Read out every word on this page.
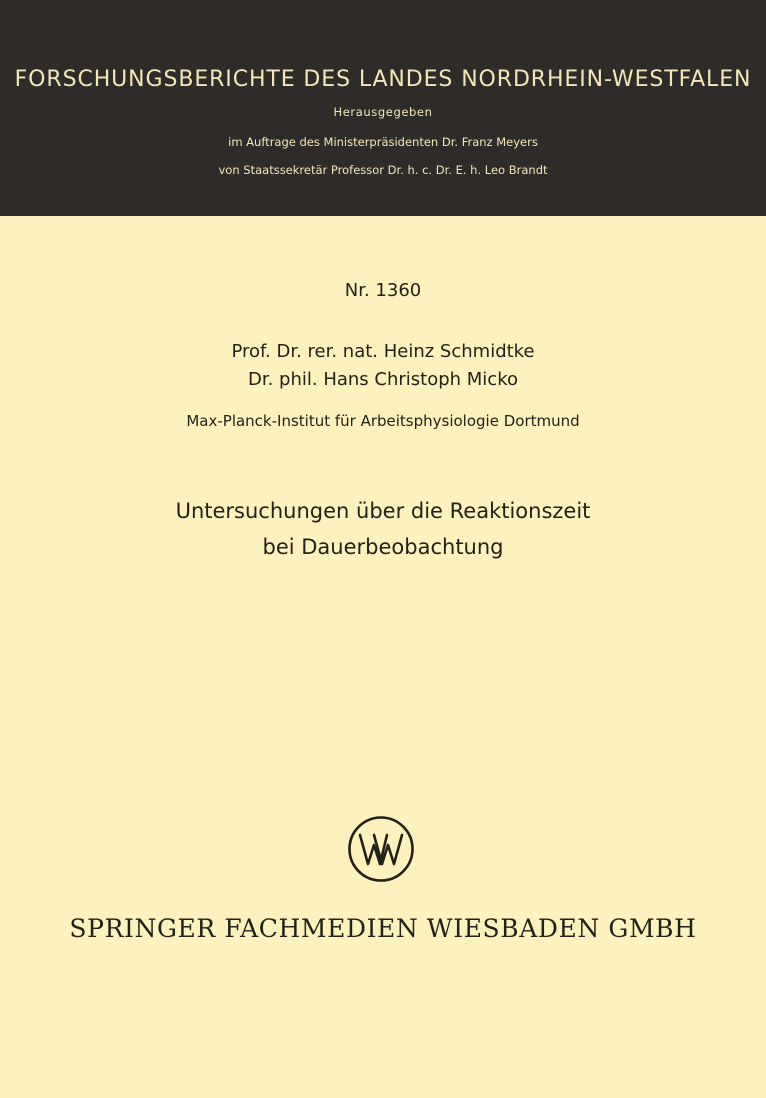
FORSCHUNGSBERICHTE DES LANDES NORDRHEIN-WESTFALEN
Herausgegeben
im Auftrage des Ministerpräsidenten Dr. Franz Meyers
von Staatssekretär Professor Dr. h. c. Dr. E. h. Leo Brandt
Nr. 1360
Prof. Dr. rer. nat. Heinz Schmidtke
Dr. phil. Hans Christoph Micko
Max-Planck-Institut für Arbeitsphysiologie Dortmund
Untersuchungen über die Reaktionszeit
bei Dauerbeobachtung
SPRINGER FACHMEDIEN WIESBADEN GMBH
